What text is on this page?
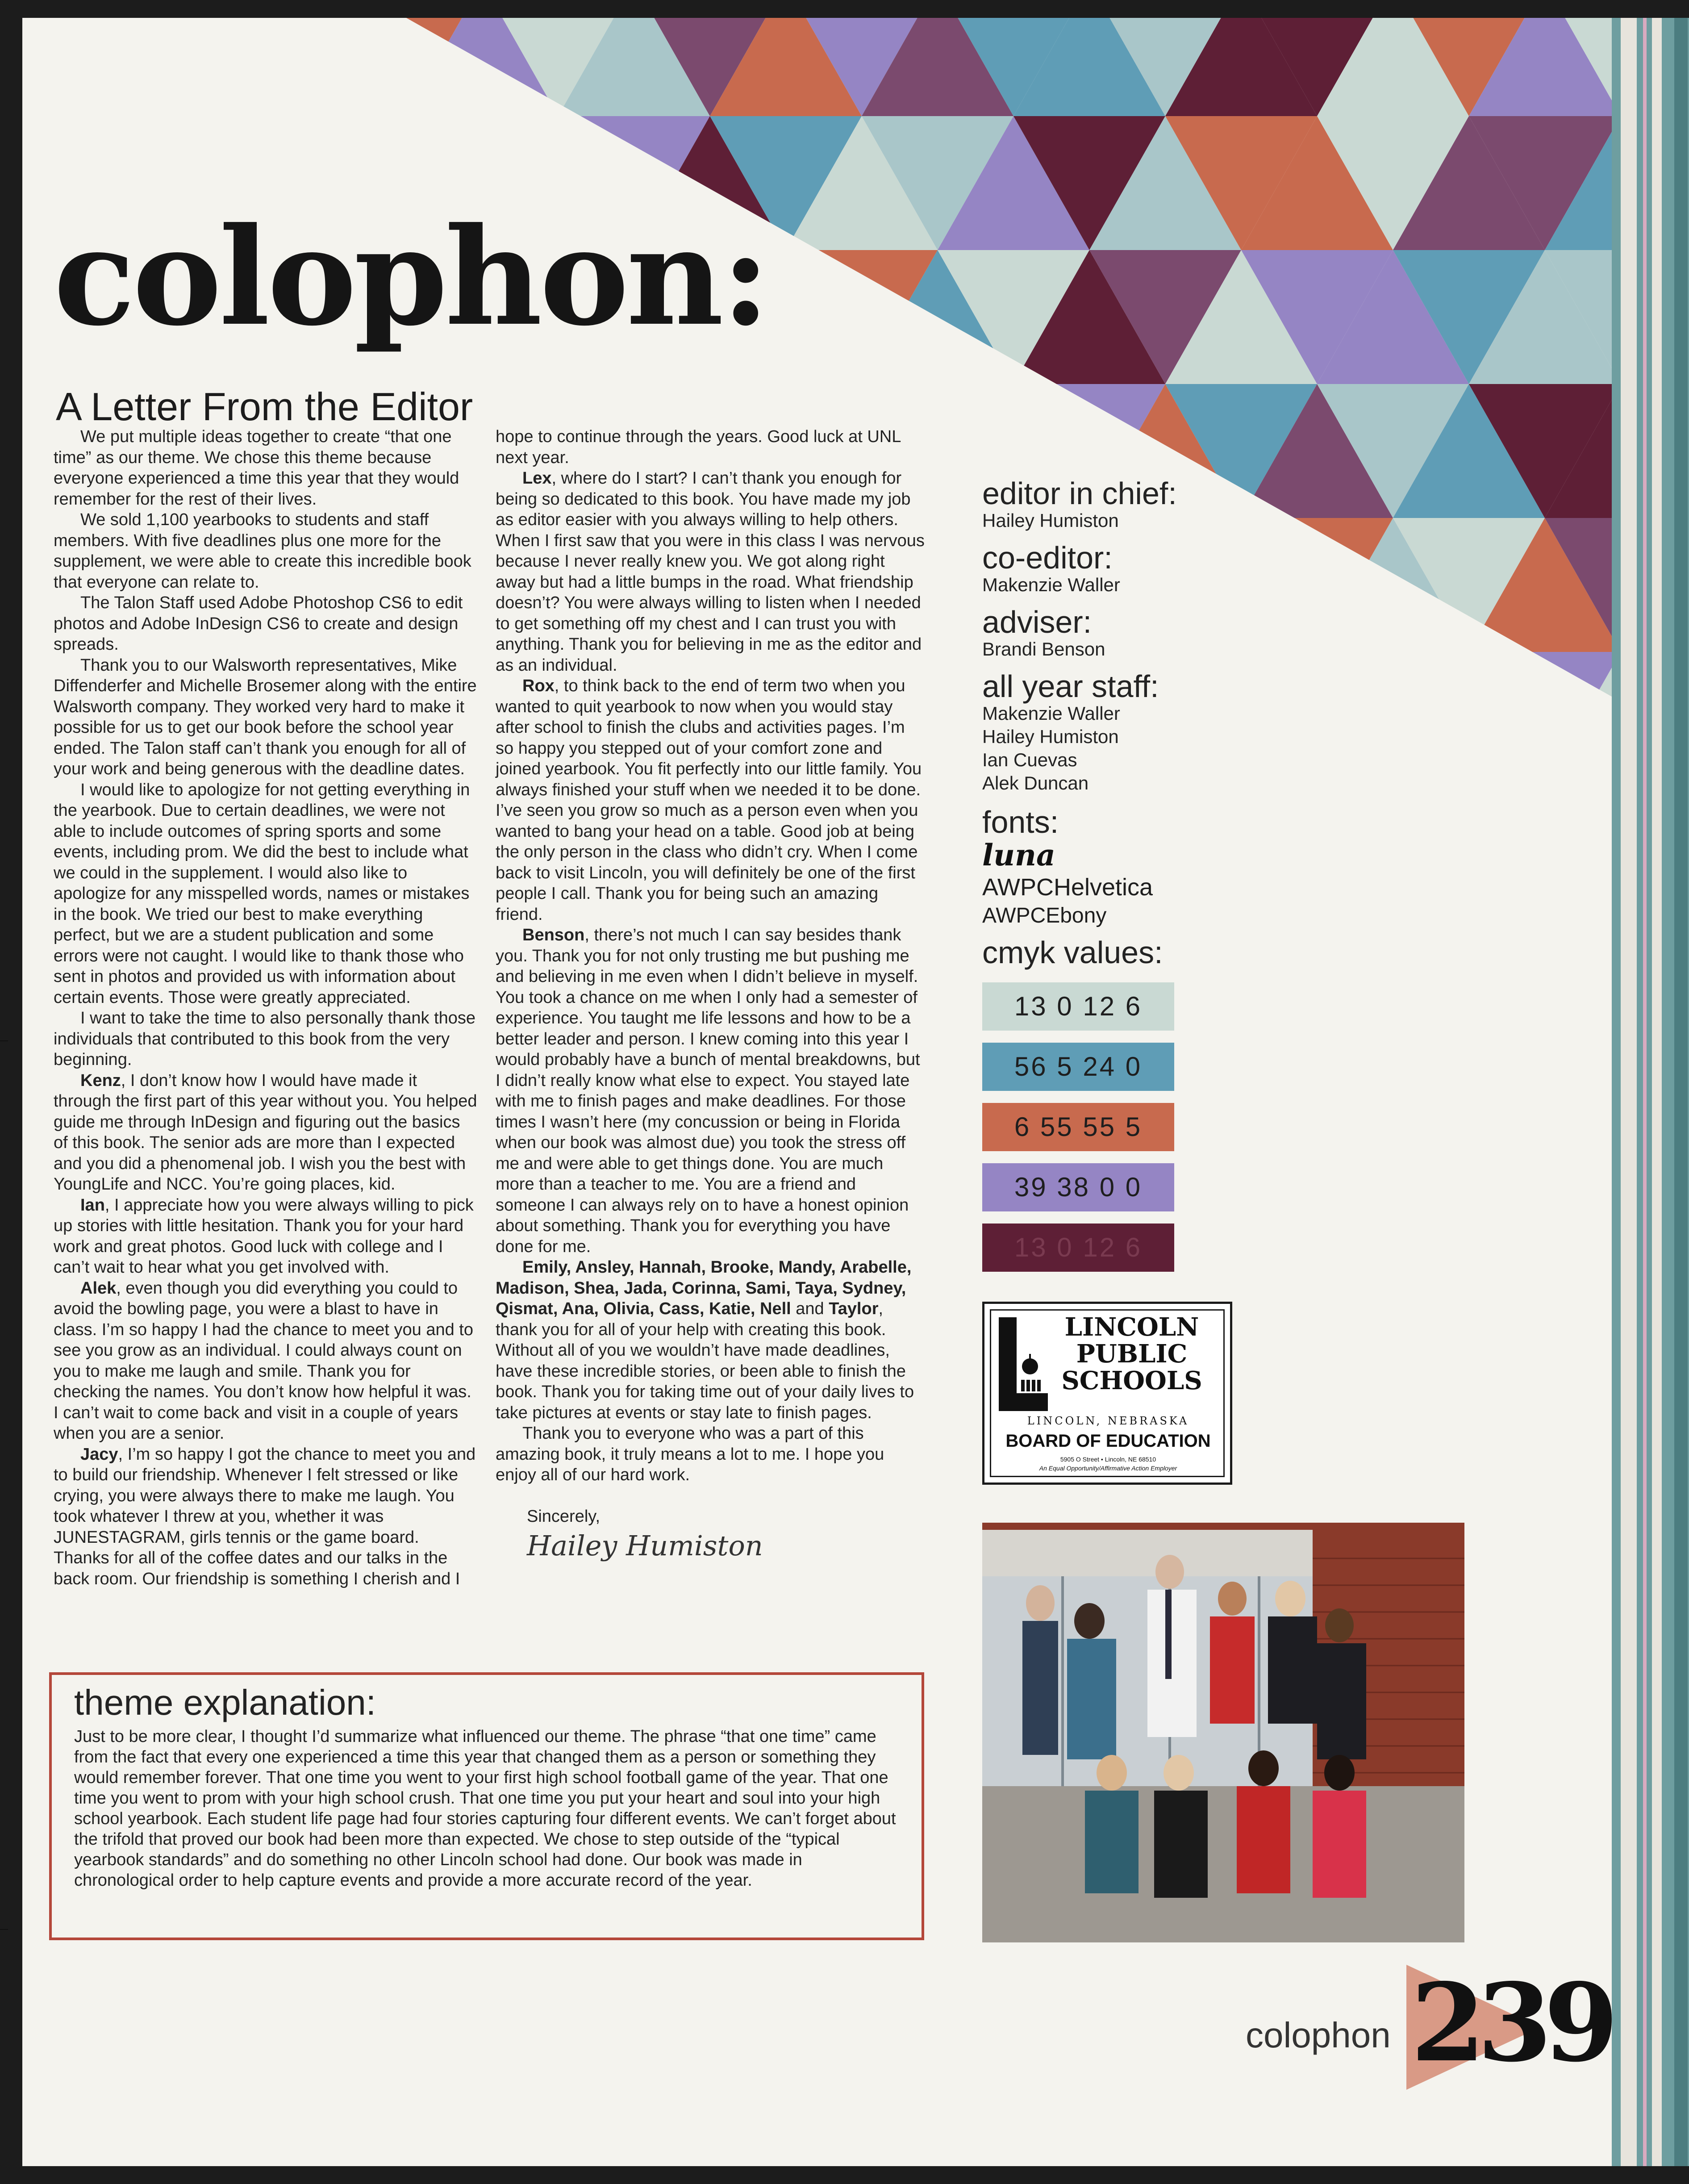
colophon:
A Letter From the Editor

We put multiple ideas together to create “that one time” as our theme. We chose this theme because everyone experienced a time this year that they would remember for the rest of their lives.

We sold 1,100 yearbooks to students and staff members. With five deadlines plus one more for the supplement, we were able to create this incredible book that everyone can relate to.

The Talon Staff used Adobe Photoshop CS6 to edit photos and Adobe InDesign CS6 to create and design spreads.

Thank you to our Walsworth representatives, Mike Diffenderfer and Michelle Brosemer along with the entire Walsworth company. They worked very hard to make it possible for us to get our book before the school year ended. The Talon staff can’t thank you enough for all of your work and being generous with the deadline dates.

I would like to apologize for not getting everything in the yearbook. Due to certain deadlines, we were not able to include outcomes of spring sports and some events, including prom. We did the best to include what we could in the supplement. I would also like to apologize for any misspelled words, names or mistakes in the book. We tried our best to make everything perfect, but we are a student publication and some errors were not caught. I would like to thank those who sent in photos and provided us with information about certain events. Those were greatly appreciated.

I want to take the time to also personally thank those individuals that contributed to this book from the very beginning.

Kenz, I don’t know how I would have made it through the first part of this year without you. You helped guide me through InDesign and figuring out the basics of this book. The senior ads are more than I expected and you did a phenomenal job. I wish you the best with YoungLife and NCC. You’re going places, kid.

Ian, I appreciate how you were always willing to pick up stories with little hesitation. Thank you for your hard work and great photos. Good luck with college and I can’t wait to hear what you get involved with.

Alek, even though you did everything you could to avoid the bowling page, you were a blast to have in class. I’m so happy I had the chance to meet you and to see you grow as an individual. I could always count on you to make me laugh and smile. Thank you for checking the names. You don’t know how helpful it was. I can’t wait to come back and visit in a couple of years when you are a senior.

Jacy, I’m so happy I got the chance to meet you and to build our friendship. Whenever I felt stressed or like crying, you were always there to make me laugh. You took whatever I threw at you, whether it was JUNESTAGRAM, girls tennis or the game board. Thanks for all of the coffee dates and our talks in the back room. Our friendship is something I cherish and I

hope to continue through the years. Good luck at UNL next year.

Lex, where do I start? I can’t thank you enough for being so dedicated to this book. You have made my job as editor easier with you always willing to help others. When I first saw that you were in this class I was nervous because I never really knew you. We got along right away but had a little bumps in the road. What friendship doesn’t? You were always willing to listen when I needed to get something off my chest and I can trust you with anything. Thank you for believing in me as the editor and as an individual.

Rox, to think back to the end of term two when you wanted to quit yearbook to now when you would stay after school to finish the clubs and activities pages. I’m so happy you stepped out of your comfort zone and joined yearbook. You fit perfectly into our little family. You always finished your stuff when we needed it to be done. I’ve seen you grow so much as a person even when you wanted to bang your head on a table. Good job at being the only person in the class who didn’t cry. When I come back to visit Lincoln, you will definitely be one of the first people I call. Thank you for being such an amazing friend.

Benson, there’s not much I can say besides thank you. Thank you for not only trusting me but pushing me and believing in me even when I didn’t believe in myself. You took a chance on me when I only had a semester of experience. You taught me life lessons and how to be a better leader and person. I knew coming into this year I would probably have a bunch of mental breakdowns, but I didn’t really know what else to expect. You stayed late with me to finish pages and make deadlines. For those times I wasn’t here (my concussion or being in Florida when our book was almost due) you took the stress off me and were able to get things done. You are much more than a teacher to me. You are a friend and someone I can always rely on to have a honest opinion about something. Thank you for everything you have done for me.

Emily, Ansley, Hannah, Brooke, Mandy, Arabelle, Madison, Shea, Jada, Corinna, Sami, Taya, Sydney, Qismat, Ana, Olivia, Cass, Katie, Nell and Taylor, thank you for all of your help with creating this book. Without all of you we wouldn’t have made deadlines, have these incredible stories, or been able to finish the book. Thank you for taking time out of your daily lives to take pictures at events or stay late to finish pages.

Thank you to everyone who was a part of this amazing book, it truly means a lot to me. I hope you enjoy all of our hard work.

Sincerely,
Hailey Humiston
editor in chief:
Hailey Humiston
co-editor:
Makenzie Waller
adviser:
Brandi Benson
all year staff:
Makenzie Waller
Hailey Humiston
Ian Cuevas
Alek Duncan
fonts:
luna
AWPCHelvetica
AWPCEbony
cmyk values:
13 0 12 6
56 5 24 0
6 55 55 5
39 38 0 0
13 0 12 6
LINCOLN
PUBLIC
SCHOOLS
LINCOLN, NEBRASKA
BOARD OF EDUCATION
5905 O Street • Lincoln, NE 68510
An Equal Opportunity/Affirmative Action Employer
theme explanation:
Just to be more clear, I thought I’d summarize what influenced our theme. The phrase “that one time” came from the fact that every one experienced a time this year that changed them as a person or something they would remember forever. That one time you went to your first high school football game of the year. That one time you went to prom with your high school crush. That one time you put your heart and soul into your high school yearbook. Each student life page had four stories capturing four different events. We can’t forget about the trifold that proved our book had been more than expected. We chose to step outside of the “typical yearbook standards” and do something no other Lincoln school had done. Our book was made in chronological order to help capture events and provide a more accurate record of the year.
colophon 239
